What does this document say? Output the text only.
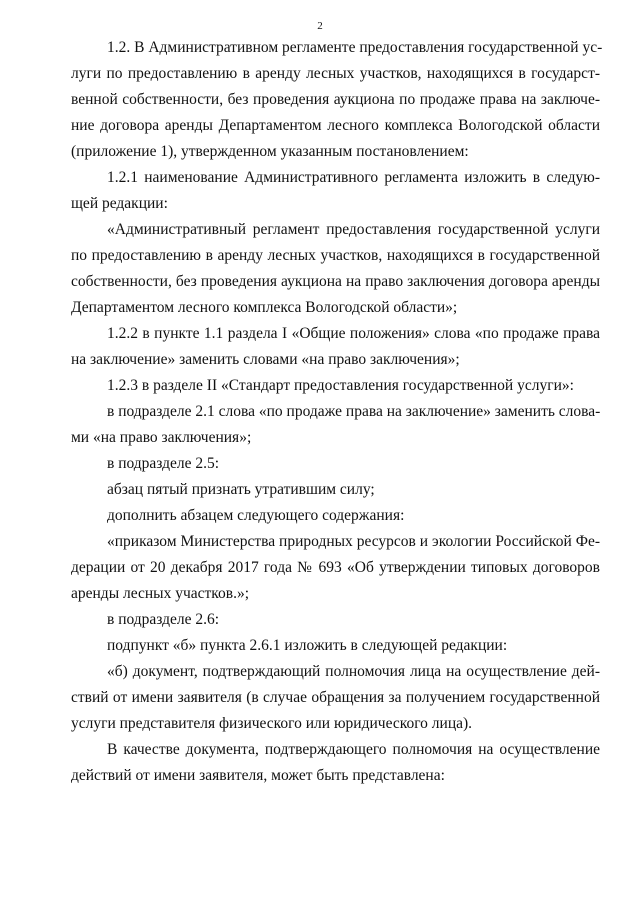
2
1.2. В Административном регламенте предоставления государственной ус-
луги по предоставлению в аренду лесных участков, находящихся в государст-
венной собственности, без проведения аукциона по продаже права на заключе-
ние договора аренды Департаментом лесного комплекса Вологодской области
(приложение 1), утвержденном указанным постановлением:
1.2.1 наименование Административного регламента изложить в следую-
щей редакции:
«Административный регламент предоставления государственной услуги
по предоставлению в аренду лесных участков, находящихся в государственной
собственности, без проведения аукциона на право заключения договора аренды
Департаментом лесного комплекса Вологодской области»;
1.2.2 в пункте 1.1 раздела I «Общие положения» слова «по продаже права
на заключение» заменить словами «на право заключения»;
1.2.3 в разделе II «Стандарт предоставления государственной услуги»:
в подразделе 2.1 слова «по продаже права на заключение» заменить слова-
ми «на право заключения»;
в подразделе 2.5:
абзац пятый признать утратившим силу;
дополнить абзацем следующего содержания:
«приказом Министерства природных ресурсов и экологии Российской Фе-
дерации от 20 декабря 2017 года № 693 «Об утверждении типовых договоров
аренды лесных участков.»;
в подразделе 2.6:
подпункт «б» пункта 2.6.1 изложить в следующей редакции:
«б) документ, подтверждающий полномочия лица на осуществление дей-
ствий от имени заявителя (в случае обращения за получением государственной
услуги представителя физического или юридического лица).
В качестве документа, подтверждающего полномочия на осуществление
действий от имени заявителя, может быть представлена:
